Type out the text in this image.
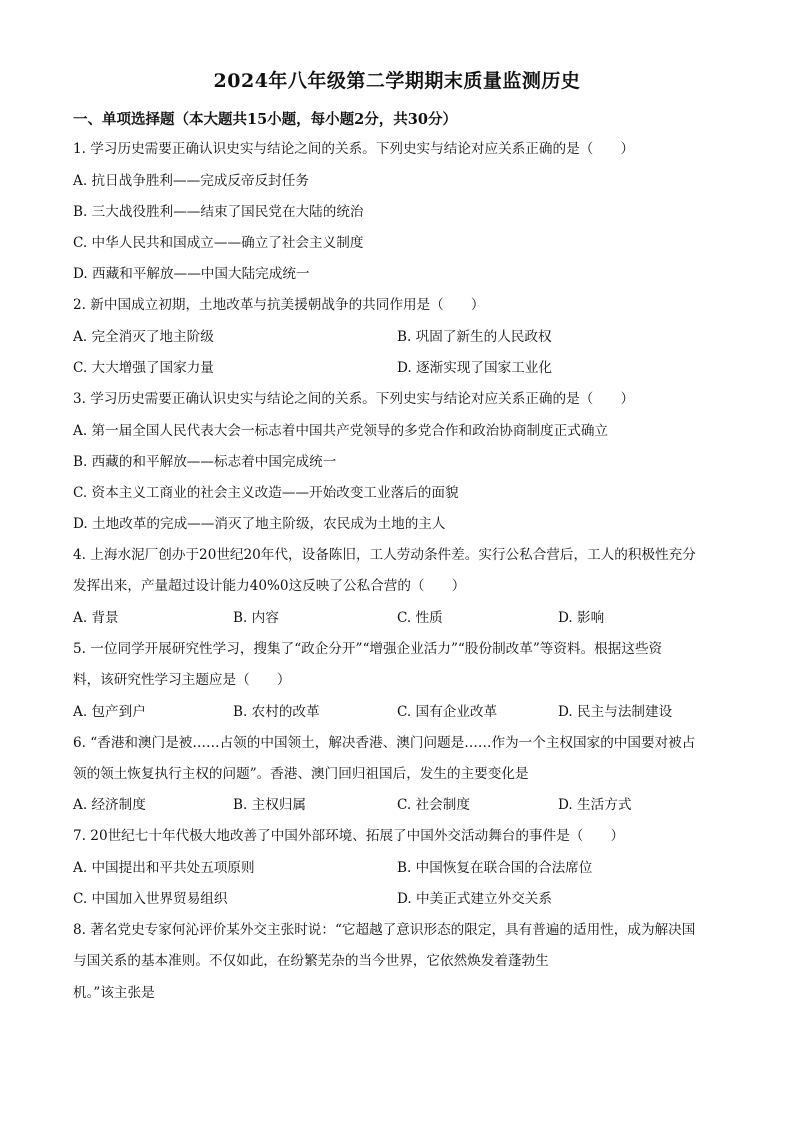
2024年八年级第二学期期末质量监测历史
一、单项选择题（本大题共15小题，每小题2分，共30分）
1. 学习历史需要正确认识史实与结论之间的关系。下列史实与结论对应关系正确的是（　　）
A. 抗日战争胜利——完成反帝反封任务
B. 三大战役胜利——结束了国民党在大陆的统治
C. 中华人民共和国成立——确立了社会主义制度
D. 西藏和平解放——中国大陆完成统一
2. 新中国成立初期，土地改革与抗美援朝战争的共同作用是（　　）
A. 完全消灭了地主阶级	B. 巩固了新生的人民政权
C. 大大增强了国家力量	D. 逐渐实现了国家工业化
3. 学习历史需要正确认识史实与结论之间的关系。下列史实与结论对应关系正确的是（　　）
A. 第一届全国人民代表大会一标志着中国共产党领导的多党合作和政治协商制度正式确立
B. 西藏的和平解放——标志着中国完成统一
C. 资本主义工商业的社会主义改造——开始改变工业落后的面貌
D. 土地改革的完成——消灭了地主阶级，农民成为土地的主人
4. 上海水泥厂创办于20世纪20年代，设备陈旧，工人劳动条件差。实行公私合营后，工人的积极性充分
发挥出来，产量超过设计能力40%0这反映了公私合营的（　　）
A. 背景	B. 内容	C. 性质	D. 影响
5. 一位同学开展研究性学习，搜集了“政企分开”“增强企业活力”“股份制改革”等资料。根据这些资
料，该研究性学习主题应是（　　）
A. 包产到户	B. 农村的改革	C. 国有企业改革	D. 民主与法制建设
6. “香港和澳门是被……占领的中国领土，解决香港、澳门问题是……作为一个主权国家的中国要对被占
领的领土恢复执行主权的问题”。香港、澳门回归祖国后，发生的主要变化是
A. 经济制度	B. 主权归属	C. 社会制度	D. 生活方式
7. 20世纪七十年代极大地改善了中国外部环境、拓展了中国外交活动舞台的事件是（　　）
A. 中国提出和平共处五项原则	B. 中国恢复在联合国的合法席位
C. 中国加入世界贸易组织	D. 中美正式建立外交关系
8. 著名党史专家何沁评价某外交主张时说：“它超越了意识形态的限定，具有普遍的适用性，成为解决国
与国关系的基本准则。不仅如此，在纷繁芜杂的当今世界，它依然焕发着蓬勃生
机。”该主张是
